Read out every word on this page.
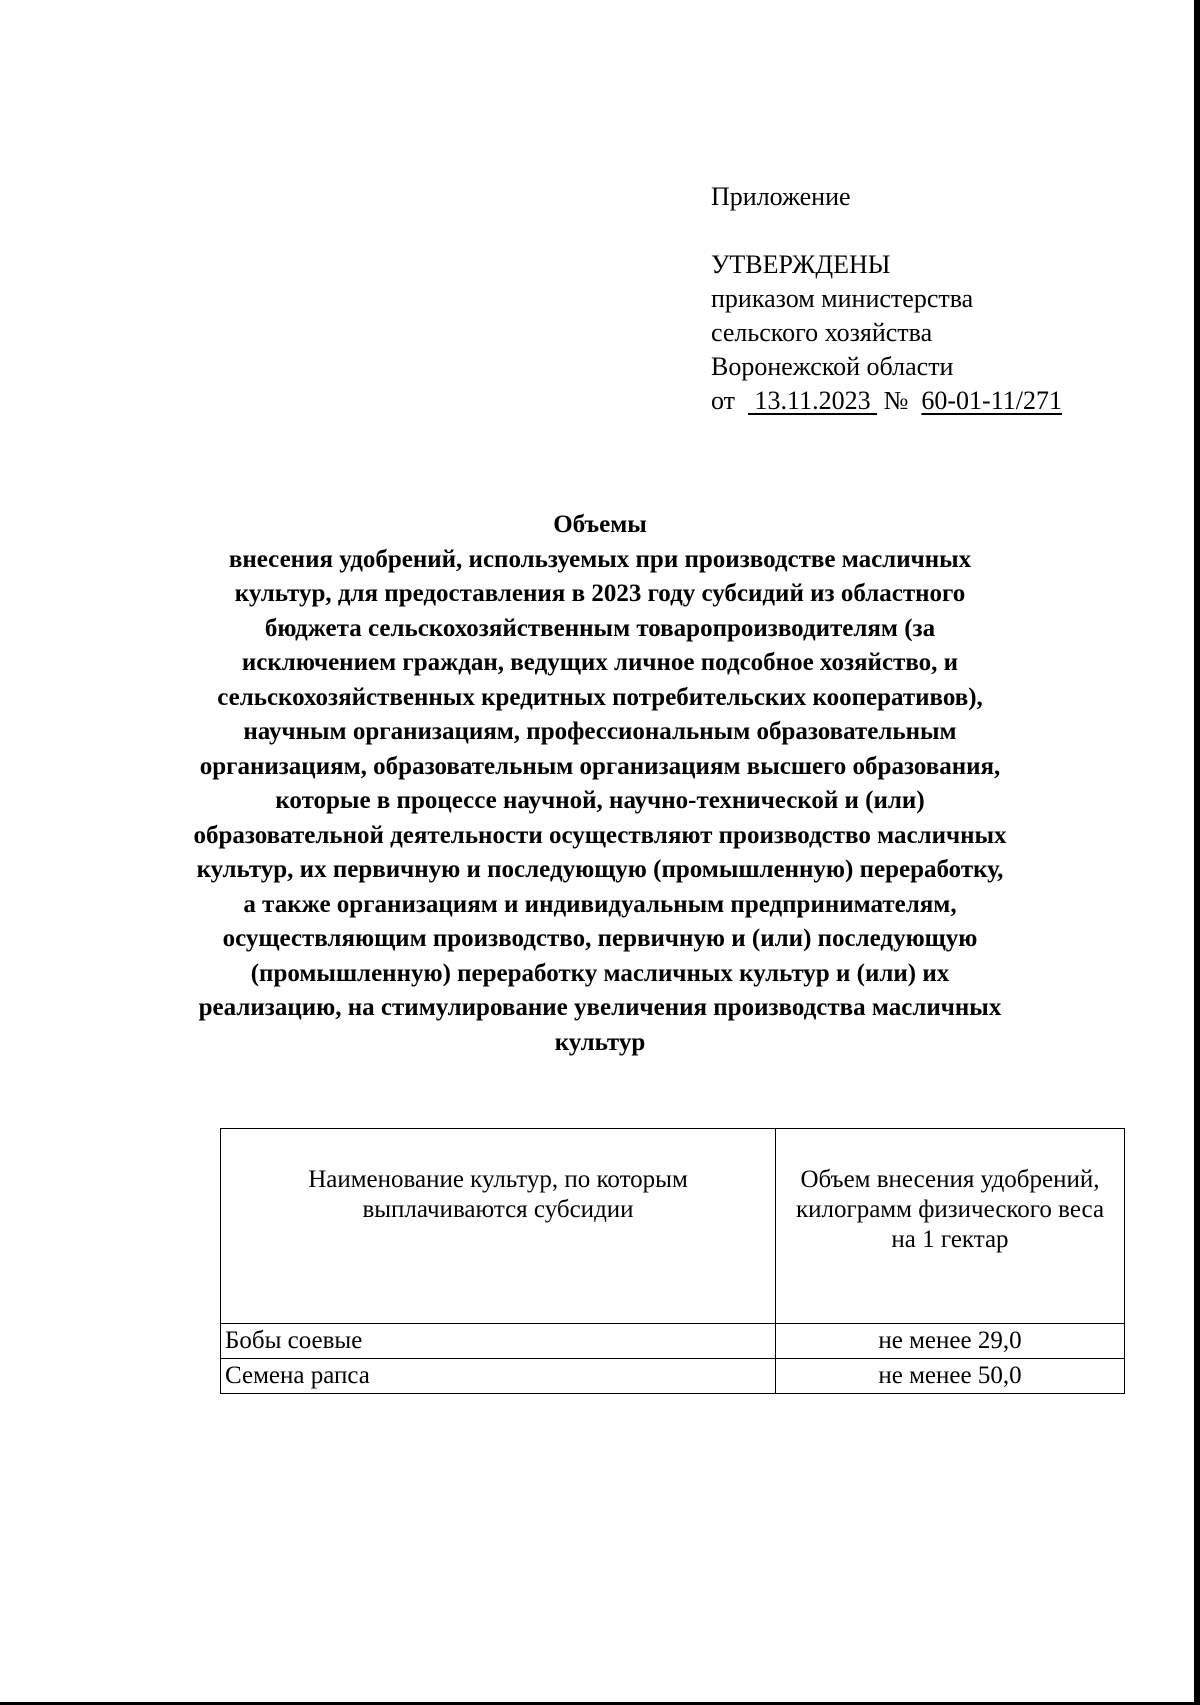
Приложение
УТВЕРЖДЕНЫ
приказом министерства
сельского хозяйства
Воронежской области
от 13.11.2023 № 60-01-11/271
Объемы
внесения удобрений, используемых при производстве масличных
культур, для предоставления в 2023 году субсидий из областного
бюджета сельскохозяйственным товаропроизводителям (за
исключением граждан, ведущих личное подсобное хозяйство, и
сельскохозяйственных кредитных потребительских кооперативов),
научным организациям, профессиональным образовательным
организациям, образовательным организациям высшего образования,
которые в процессе научной, научно-технической и (или)
образовательной деятельности осуществляют производство масличных
культур, их первичную и последующую (промышленную) переработку,
а также организациям и индивидуальным предпринимателям,
осуществляющим производство, первичную и (или) последующую
(промышленную) переработку масличных культур и (или) их
реализацию, на стимулирование увеличения производства масличных
культур
Наименование культур, по которым
выплачиваются субсидии	Объем внесения удобрений,
килограмм физического веса
на 1 гектар
Бобы соевые	не менее 29,0
Семена рапса	не менее 50,0
